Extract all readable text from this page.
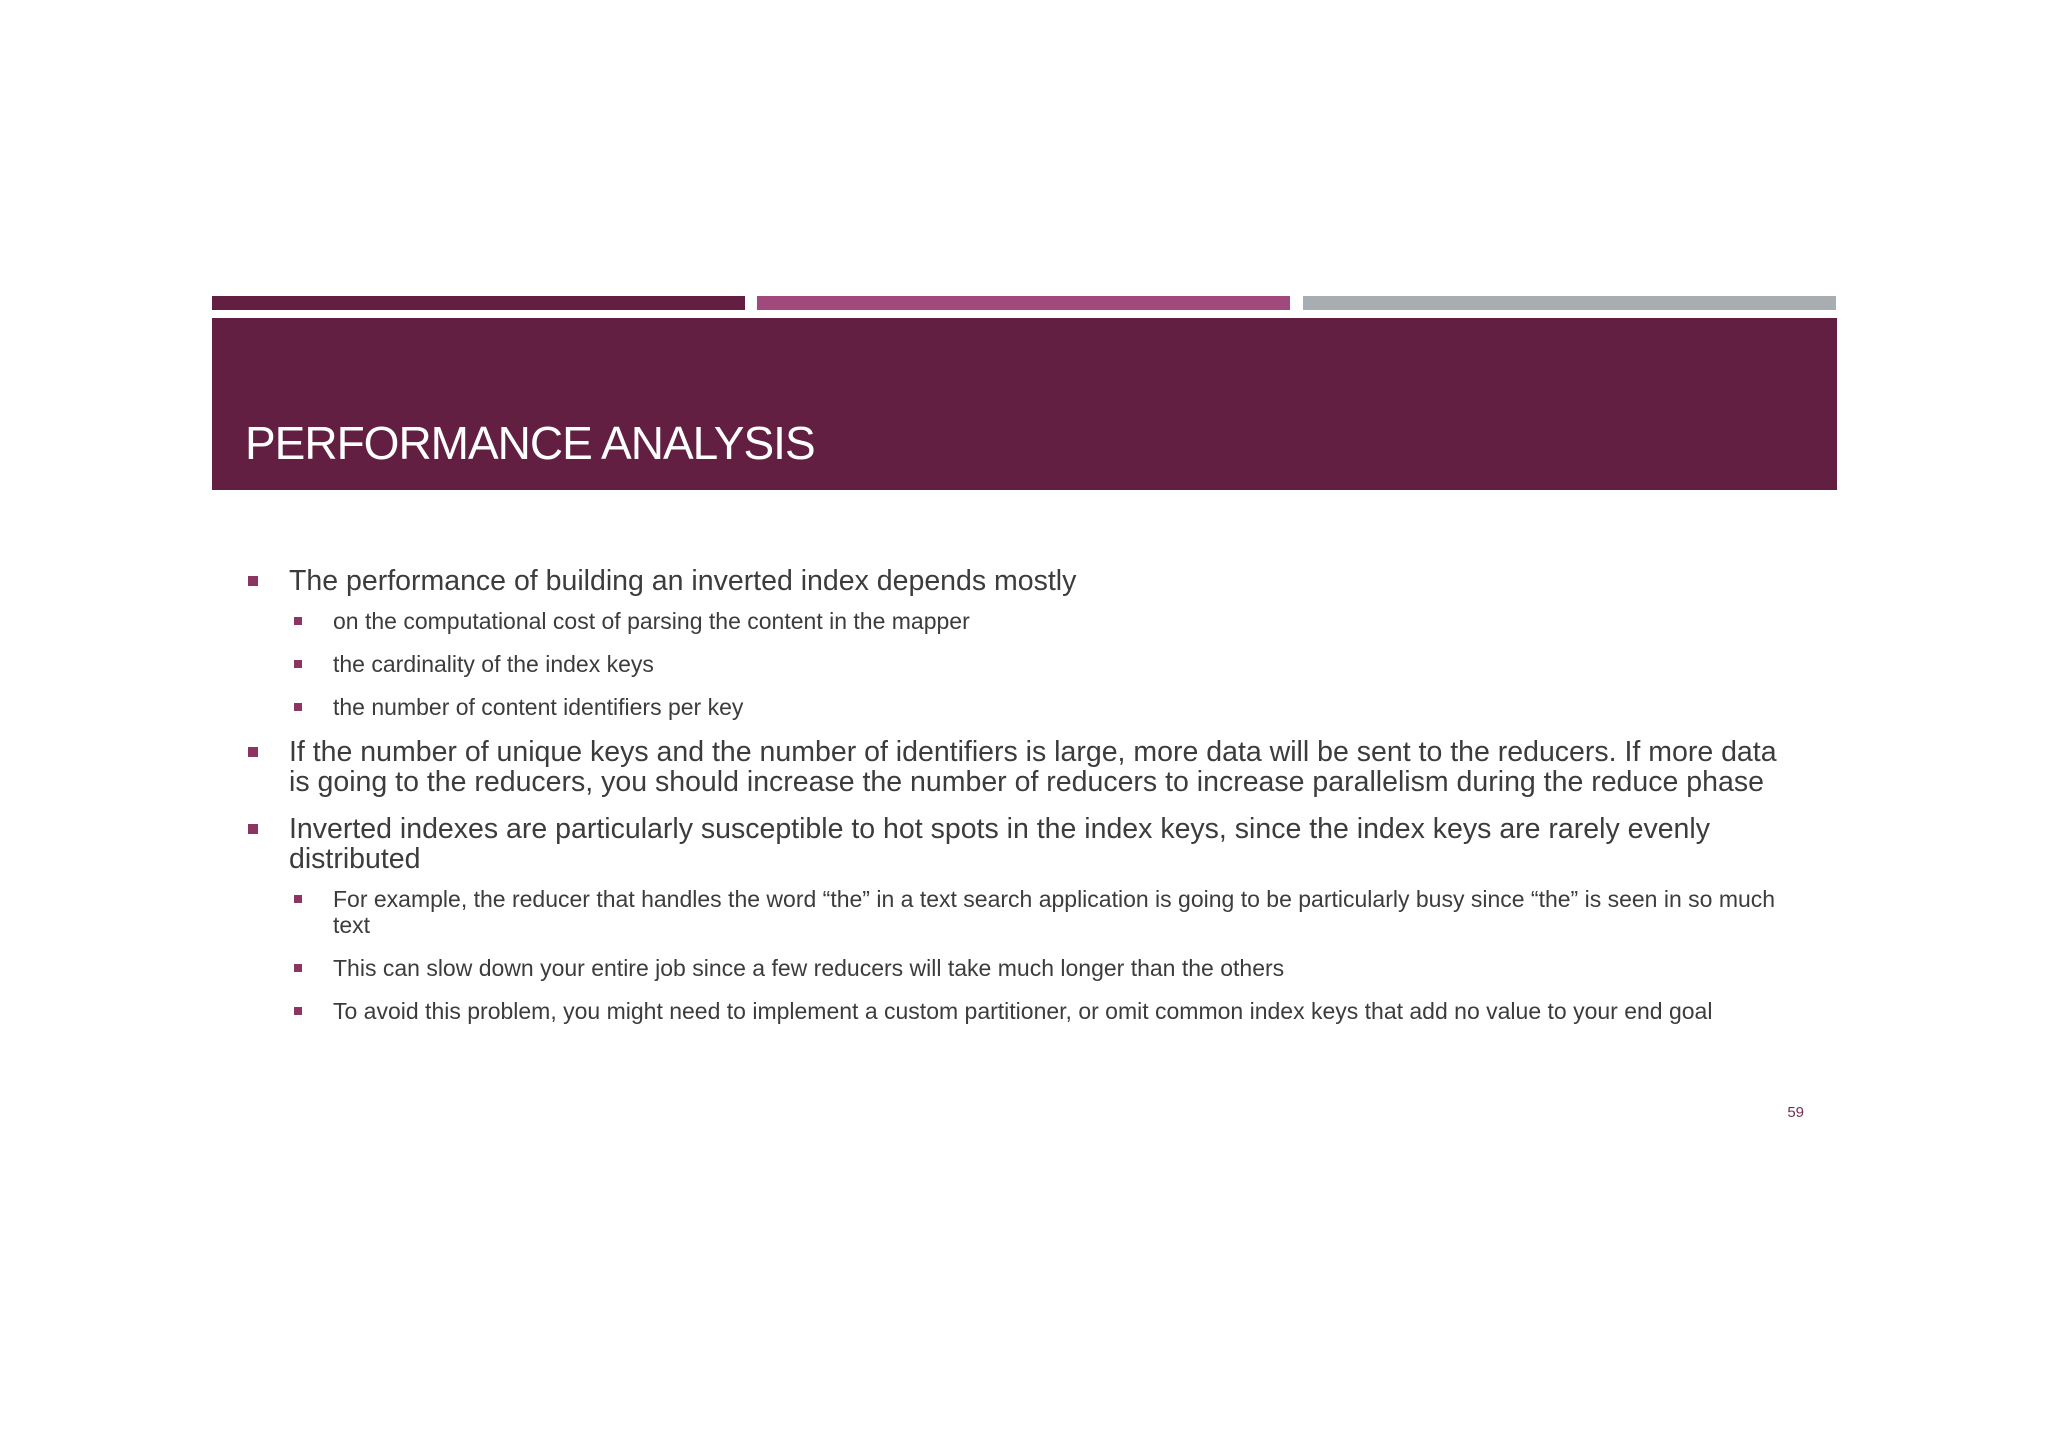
PERFORMANCE ANALYSIS
The performance of building an inverted index depends mostly
on the computational cost of parsing the content in the mapper
the cardinality of the index keys
the number of content identifiers per key
If the number of unique keys and the number of identifiers is large, more data will be sent to the reducers. If more data is going to the reducers, you should increase the number of reducers to increase parallelism during the reduce phase
Inverted indexes are particularly susceptible to hot spots in the index keys, since the index keys are rarely evenly distributed
For example, the reducer that handles the word “the” in a text search application is going to be particularly busy since “the” is seen in so much text
This can slow down your entire job since a few reducers will take much longer than the others
To avoid this problem, you might need to implement a custom partitioner, or omit common index keys that add no value to your end goal
59
